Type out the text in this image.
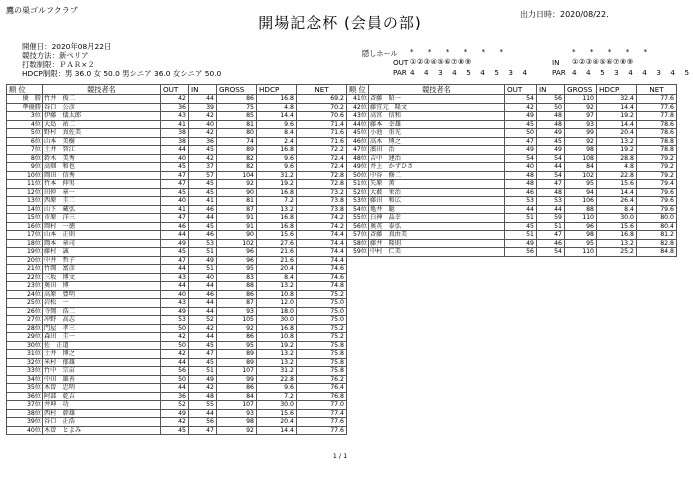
鷹の巣ゴルフクラブ
開場記念杯 (会員の部)	出力日時：2020/08/22.
開催日：2020年08月22日
競技方法：新ペリア
打数制限：ＰＡＲ×２
HDCP制限：男 36.0 女 50.0 男シニア 36.0 女シニア 50.0
隠しホール * * * * * *	* * * * *
OUT ①②③④⑤⑥⑦⑧⑨	IN ①②③④⑤⑥⑦⑧⑨
PAR 4 4 3 4 5 4 5 3 4	PAR 4 4 5 3 4 4 3 4 5
順 位	競技者名	OUT	IN	GROSS	HDCP	NET
優　勝	竹井　俊二	42	44	86	16.8	69.2
準優勝	谷口　公彦	36	39	75	4.8	70.2
3位	伊藤　儀太郎	43	42	85	14.4	70.6
4位	大島　祐二	41	40	81	9.6	71.4
5位	野村　真佐美	38	42	80	8.4	71.6
6位	山本　美樹	38	36	74	2.4	71.6
7位	土井　智江	44	45	89	16.8	72.2
8位	鈴木　美秀	40	42	82	9.6	72.4
9位	高畑　和也	45	37	82	9.6	72.4
10位	岡田　信秀	47	57	104	31.2	72.8
11位	竹本　伸男	47	45	92	19.2	72.8
12位	田仲　章一	45	45	90	16.8	73.2
13位	西原　圭二	40	41	81	7.2	73.8
14位	山下　蔵弘	41	46	87	13.2	73.8
15位	市原　洋三	47	44	91	16.8	74.2
16位	岡村　一徳	46	45	91	16.8	74.2
17位	山本　正則	44	46	90	15.6	74.4
18位	岡本　章司	49	53	102	27.6	74.4
19位	藤村　誠	45	51	96	21.6	74.4
20位	中井　哲子	47	49	96	21.6	74.4
21位	竹岡　富彦	44	51	95	20.4	74.6
22位	三坂　博文	43	40	83	8.4	74.6
23位	奥田　博	44	44	88	13.2	74.8
24位	高原　豊明	40	46	86	10.8	75.2
25位	岩松　一	43	44	87	12.0	75.0
26位	寺岡　浩二	49	44	93	18.0	75.0
27位	冲野　高志	53	52	105	30.0	75.0
28位	門屋　孝三	50	42	92	16.8	75.2
29位	森田　圭一	42	44	86	10.8	75.2
30位	佐　正道	50	45	95	19.2	75.8
31位	土井　博之	42	47	89	13.2	75.8
32位	米村　郁雄	44	45	89	13.2	75.8
33位	竹中　宗亩	56	51	107	31.2	75.8
34位	中田　雄善	50	49	99	22.8	76.2
35位	木曽　忠明	44	42	86	9.6	76.4
36位	阿部　乾吉	36	48	84	7.2	76.8
37位	井坤　功	52	55	107	30.0	77.0
38位	西村　幹雄	49	44	93	15.6	77.4
39位	谷口　正浩	42	56	98	20.4	77.6
40位	木曽　とよみ	45	47	92	14.4	77.6
順 位	競技者名	OUT	IN	GROSS	HDCP	NET
41位	斉藤　昭一	54	56	110	32.4	77.6
42位	藤宜元　隆文	42	50	92	14.4	77.6
43位	高宮　信和	49	48	97	19.2	77.8
44位	藤本　幸雄	45	48	93	14.4	78.6
45位	小池　重光	50	49	99	20.4	78.6
46位	高木　博之	47	45	92	13.2	78.8
47位	濱田　治	49	49	98	19.2	78.8
48位	吉中　建治	54	54	108	28.8	79.2
49位	井上　かずひさ	40	44	84	4.8	79.2
50位	中谷　修二	48	54	102	22.8	79.2
51位	矢原　薫	48	47	95	15.6	79.4
52位	大薮　栄治	46	48	94	14.4	79.6
53位	藤田　和広	53	53	106	26.4	79.6
54位	亀井　聡	44	44	88	8.4	79.6
55位	白神　晶幸	51	59	110	30.0	80.0
56位	奥英　泰弘	45	51	96	15.6	80.4
57位	斉藤　真由美	51	47	98	16.8	81.2
58位	藤井　隆則	49	46	95	13.2	82.8
59位	中村　仁美	56	54	110	25.2	84.8
1 / 1
